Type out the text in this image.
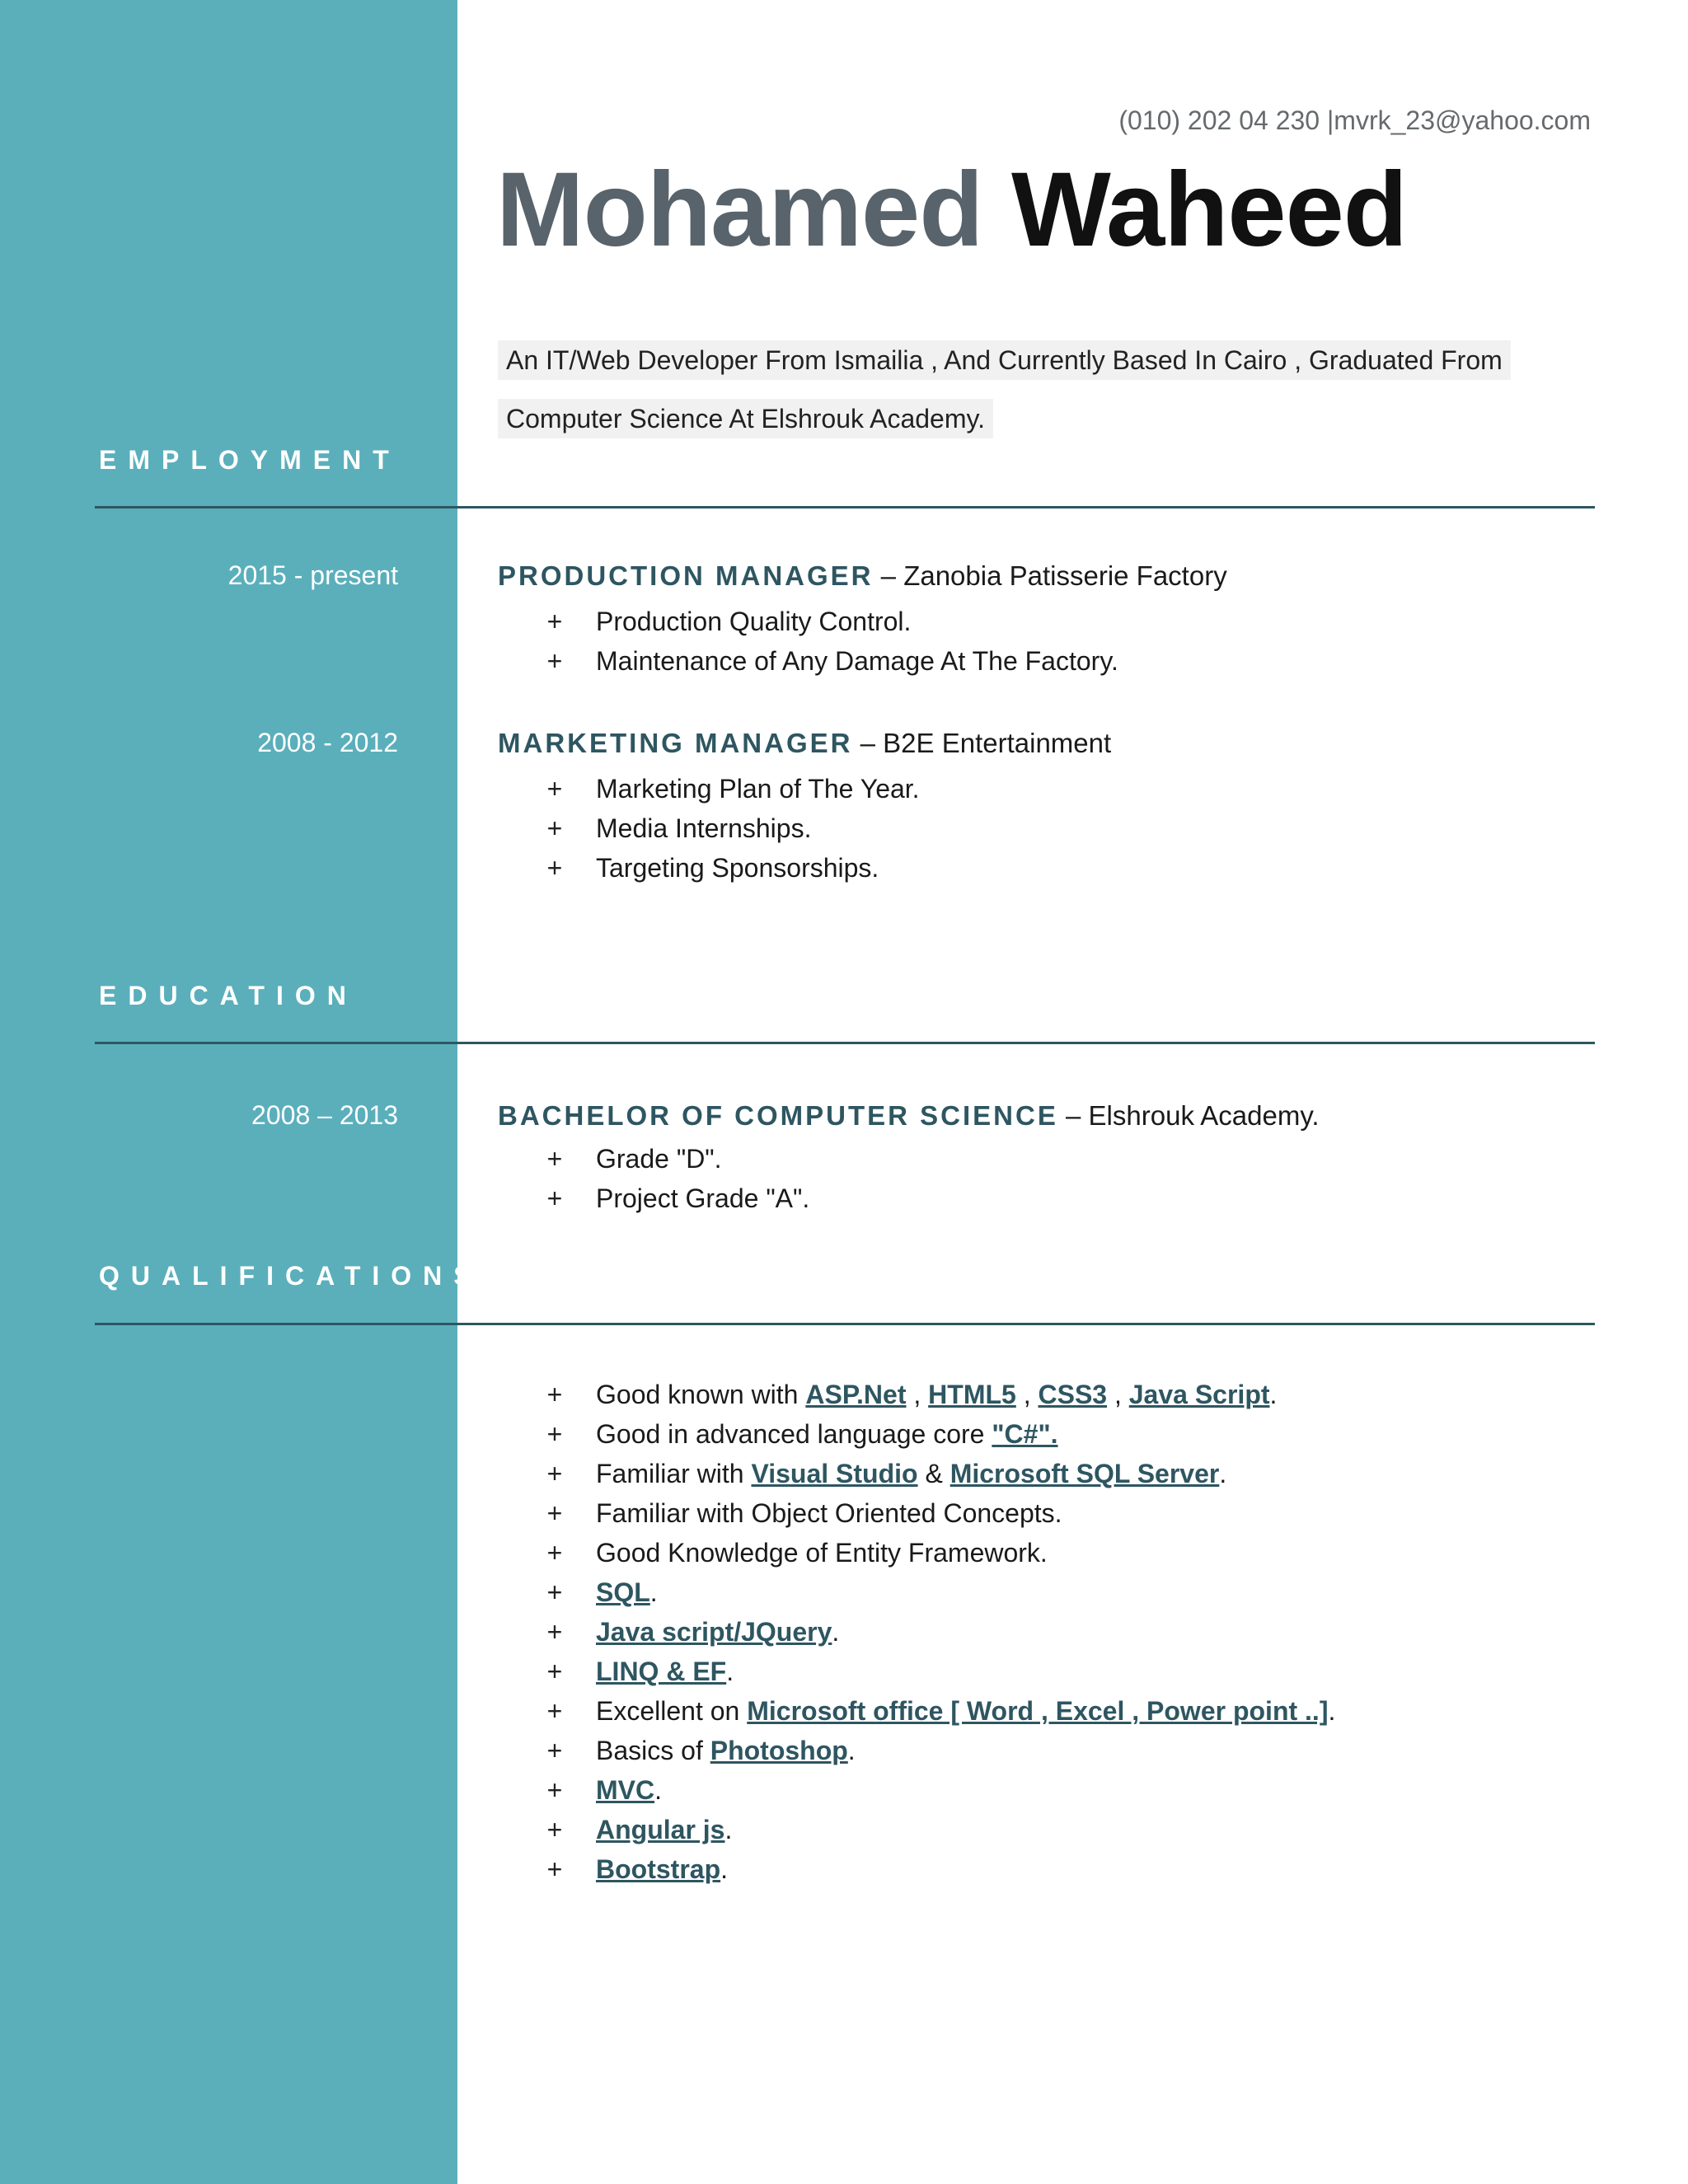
(010) 202 04 230 |mvrk_23@yahoo.com
Mohamed Waheed
An IT/Web Developer From Ismailia , And Currently Based In Cairo , Graduated From Computer Science At Elshrouk Academy.
EMPLOYMENT
2015 - present	PRODUCTION MANAGER – Zanobia Patisserie Factory
+ Production Quality Control.
+ Maintenance of Any Damage At The Factory.
2008 - 2012	MARKETING MANAGER – B2E Entertainment
+ Marketing Plan of The Year.
+ Media Internships.
+ Targeting Sponsorships.
EDUCATION
2008 – 2013	BACHELOR OF COMPUTER SCIENCE – Elshrouk Academy.
+ Grade "D".
+ Project Grade "A".
QUALIFICATIONS
+ Good known with ASP.Net , HTML5 , CSS3 , Java Script.
+ Good in advanced language core "C#".
+ Familiar with Visual Studio & Microsoft SQL Server.
+ Familiar with Object Oriented Concepts.
+ Good Knowledge of Entity Framework.
+ SQL.
+ Java script/JQuery.
+ LINQ & EF.
+ Excellent on Microsoft office [ Word , Excel , Power point ..].
+ Basics of Photoshop.
+ MVC.
+ Angular js.
+ Bootstrap.
